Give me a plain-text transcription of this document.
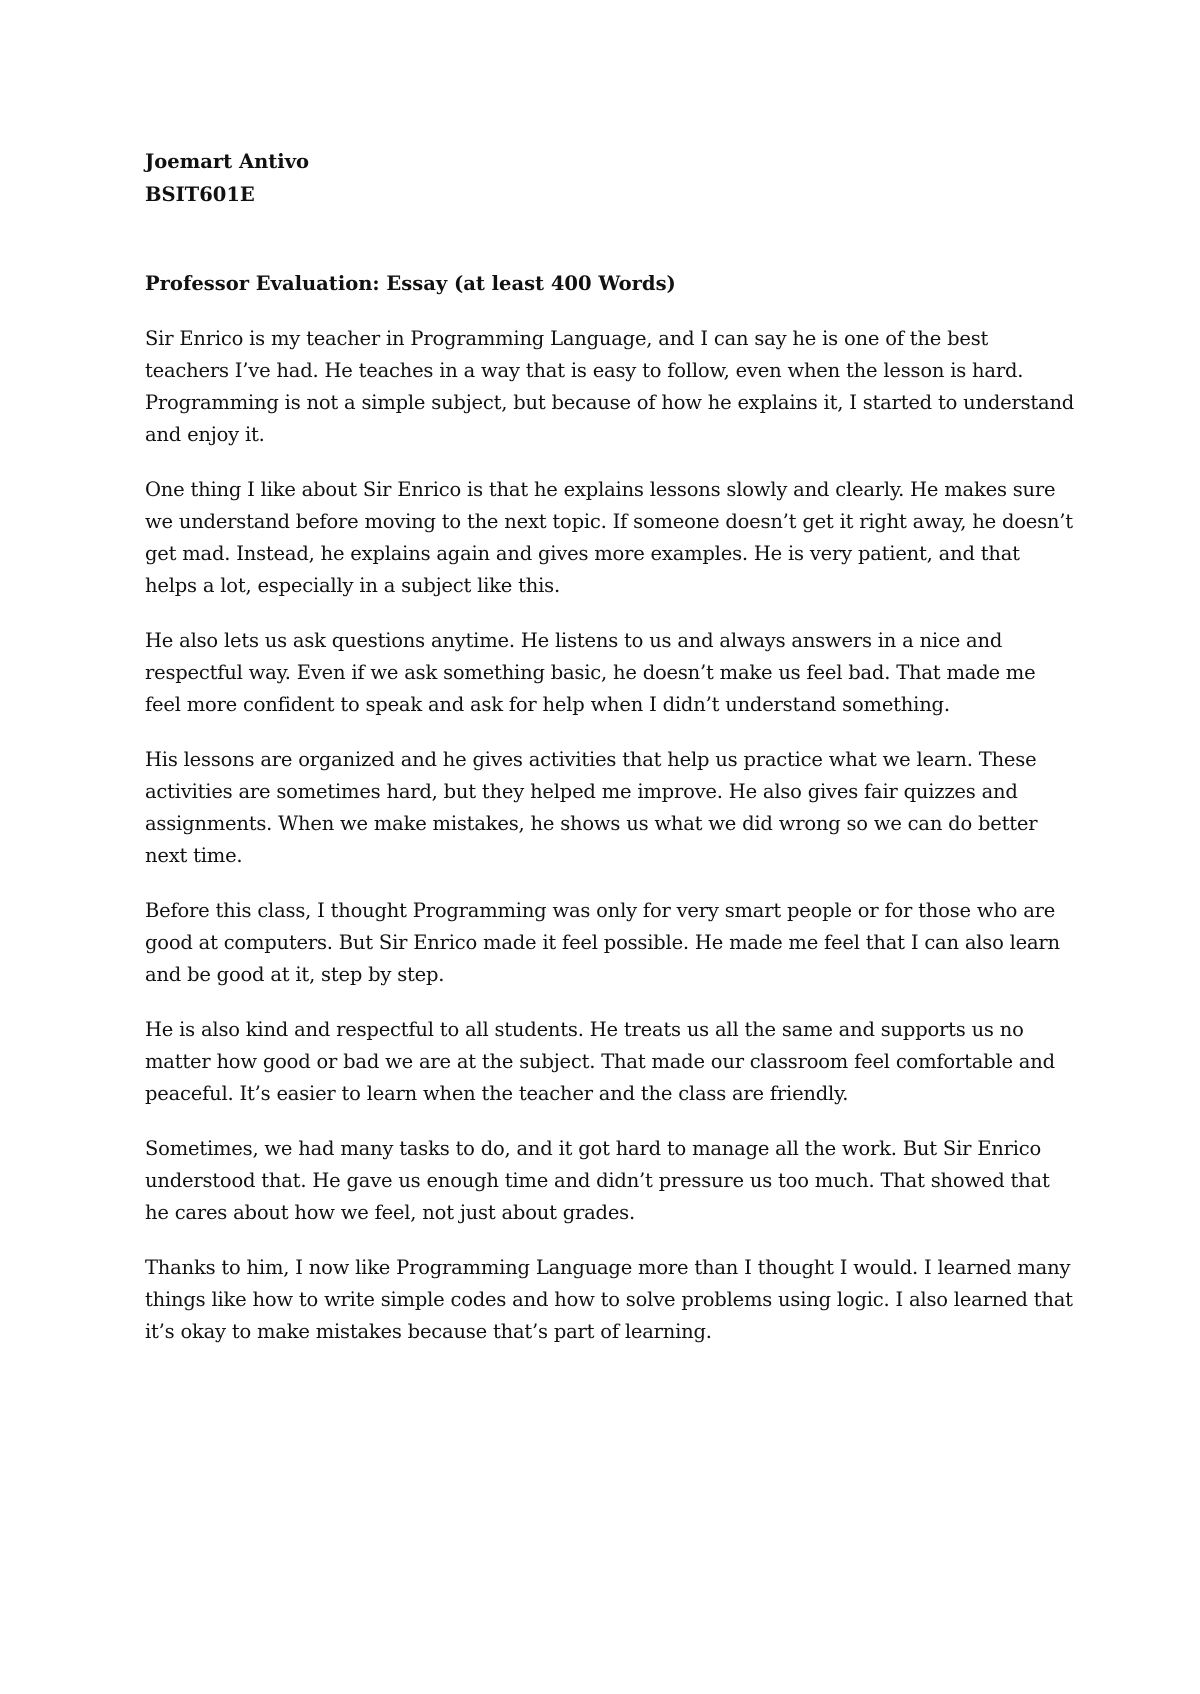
Joemart Antivo

BSIT601E

Professor Evaluation: Essay (at least 400 Words)

Sir Enrico is my teacher in Programming Language, and I can say he is one of the best teachers I’ve had. He teaches in a way that is easy to follow, even when the lesson is hard. Programming is not a simple subject, but because of how he explains it, I started to understand and enjoy it.

One thing I like about Sir Enrico is that he explains lessons slowly and clearly. He makes sure we understand before moving to the next topic. If someone doesn’t get it right away, he doesn’t get mad. Instead, he explains again and gives more examples. He is very patient, and that helps a lot, especially in a subject like this.

He also lets us ask questions anytime. He listens to us and always answers in a nice and respectful way. Even if we ask something basic, he doesn’t make us feel bad. That made me feel more confident to speak and ask for help when I didn’t understand something.

His lessons are organized and he gives activities that help us practice what we learn. These activities are sometimes hard, but they helped me improve. He also gives fair quizzes and assignments. When we make mistakes, he shows us what we did wrong so we can do better next time.

Before this class, I thought Programming was only for very smart people or for those who are good at computers. But Sir Enrico made it feel possible. He made me feel that I can also learn and be good at it, step by step.

He is also kind and respectful to all students. He treats us all the same and supports us no matter how good or bad we are at the subject. That made our classroom feel comfortable and peaceful. It’s easier to learn when the teacher and the class are friendly.

Sometimes, we had many tasks to do, and it got hard to manage all the work. But Sir Enrico understood that. He gave us enough time and didn’t pressure us too much. That showed that he cares about how we feel, not just about grades.

Thanks to him, I now like Programming Language more than I thought I would. I learned many things like how to write simple codes and how to solve problems using logic. I also learned that it’s okay to make mistakes because that’s part of learning.
